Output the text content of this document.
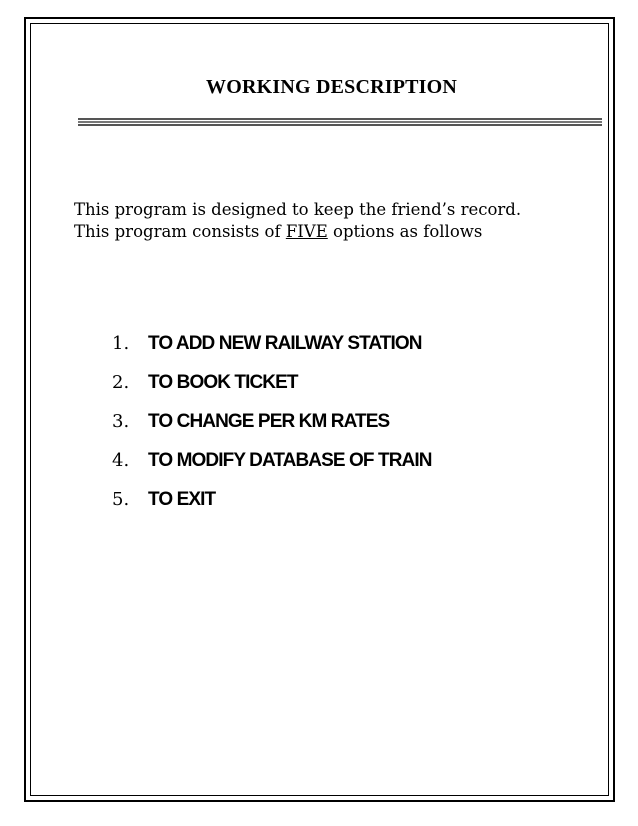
WORKING DESCRIPTION

This program is designed to keep the friend’s record.

This program consists of FIVE options as follows

1. TO ADD NEW RAILWAY STATION
2. TO BOOK TICKET
3. TO CHANGE PER KM RATES
4. TO MODIFY DATABASE OF TRAIN
5. TO EXIT
